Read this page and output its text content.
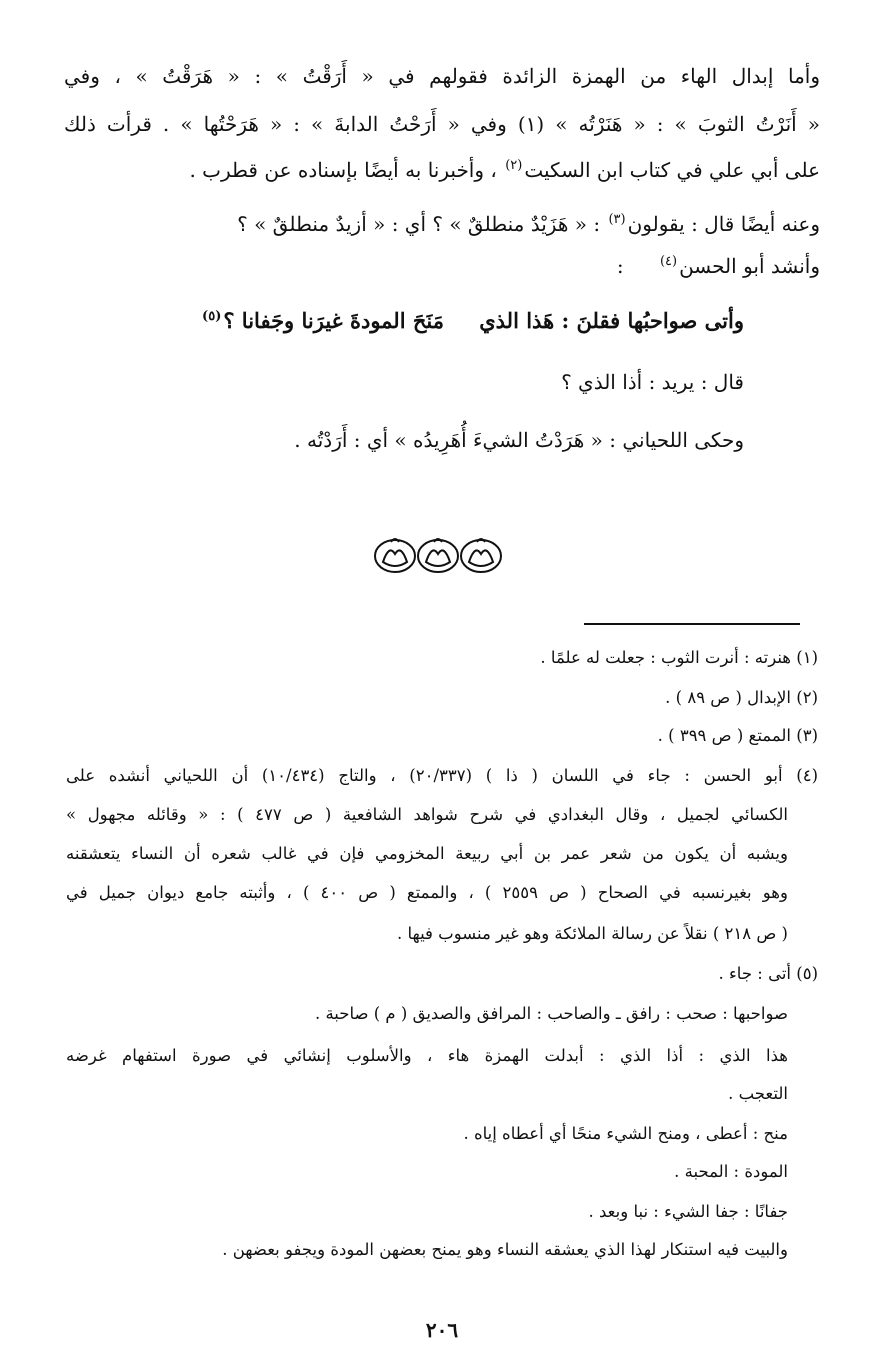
وأما إبدال الهاء من الهمزة الزائدة فقولهم في « أَرَقْتُ » : « هَرَقْتُ » ، وفي
« أَنَرْتُ الثوبَ » : « هَنَرْتُه » (١) وفي « أَرَحْتُ الدابةَ » : « هَرَحْتُها » . قرأت ذلك
على أبي علي في كتاب ابن السكيت$^{(٢)}$ ، وأخبرنا به أيضًا بإسناده عن قطرب .
وعنه أيضًا قال : يقولون$^{(٣)}$ : « هَزَيْدٌ منطلقٌ » ؟ أي : « أزيدٌ منطلقٌ » ؟
وأنشد أبو الحسن$^{(٤)}$ :
وأتى صواحبُها فقلنَ : هَذا الذي
مَنَحَ المودةَ غيرَنا وجَفانا ؟$^{(٥)}$
قال : يريد : أذا الذي ؟
وحكى اللحياني : « هَرَدْتُ الشيءَ أُهَرِيدُه » أي : أَرَدْتُه .
(١) هنرته : أنرت الثوب : جعلت له علمًا .
(٢) الإبدال ( ص ٨٩ ) .
(٣) الممتع ( ص ٣٩٩ ) .
(٤) أبو الحسن : جاء في اللسان ( ذا ) (٢٠/٣٣٧) ، والتاج (١٠/٤٣٤) أن اللحياني أنشده على
الكسائي لجميل ، وقال البغدادي في شرح شواهد الشافعية ( ص ٤٧٧ ) : « وقائله مجهول »
ويشبه أن يكون من شعر عمر بن أبي ربيعة المخزومي فإن في غالب شعره أن النساء يتعشقنه
وهو بغيرنسبه في الصحاح ( ص ٢٥٥٩ ) ، والممتع ( ص ٤٠٠ ) ، وأثبته جامع ديوان جميل في
( ص ٢١٨ ) نقلاً عن رسالة الملائكة وهو غير منسوب فيها .
(٥) أتى : جاء .
صواحبها : صحب : رافق ـ والصاحب : المرافق والصديق ( م ) صاحبة .
هذا الذي : أذا الذي : أبدلت الهمزة هاء ، والأسلوب إنشائي في صورة استفهام غرضه
التعجب .
منح : أعطى ، ومنح الشيء منحًا أي أعطاه إياه .
المودة : المحبة .
جفانًا : جفا الشيء : نبا وبعد .
والبيت فيه استنكار لهذا الذي يعشقه النساء وهو يمنح بعضهن المودة ويجفو بعضهن .
٢٠٦
